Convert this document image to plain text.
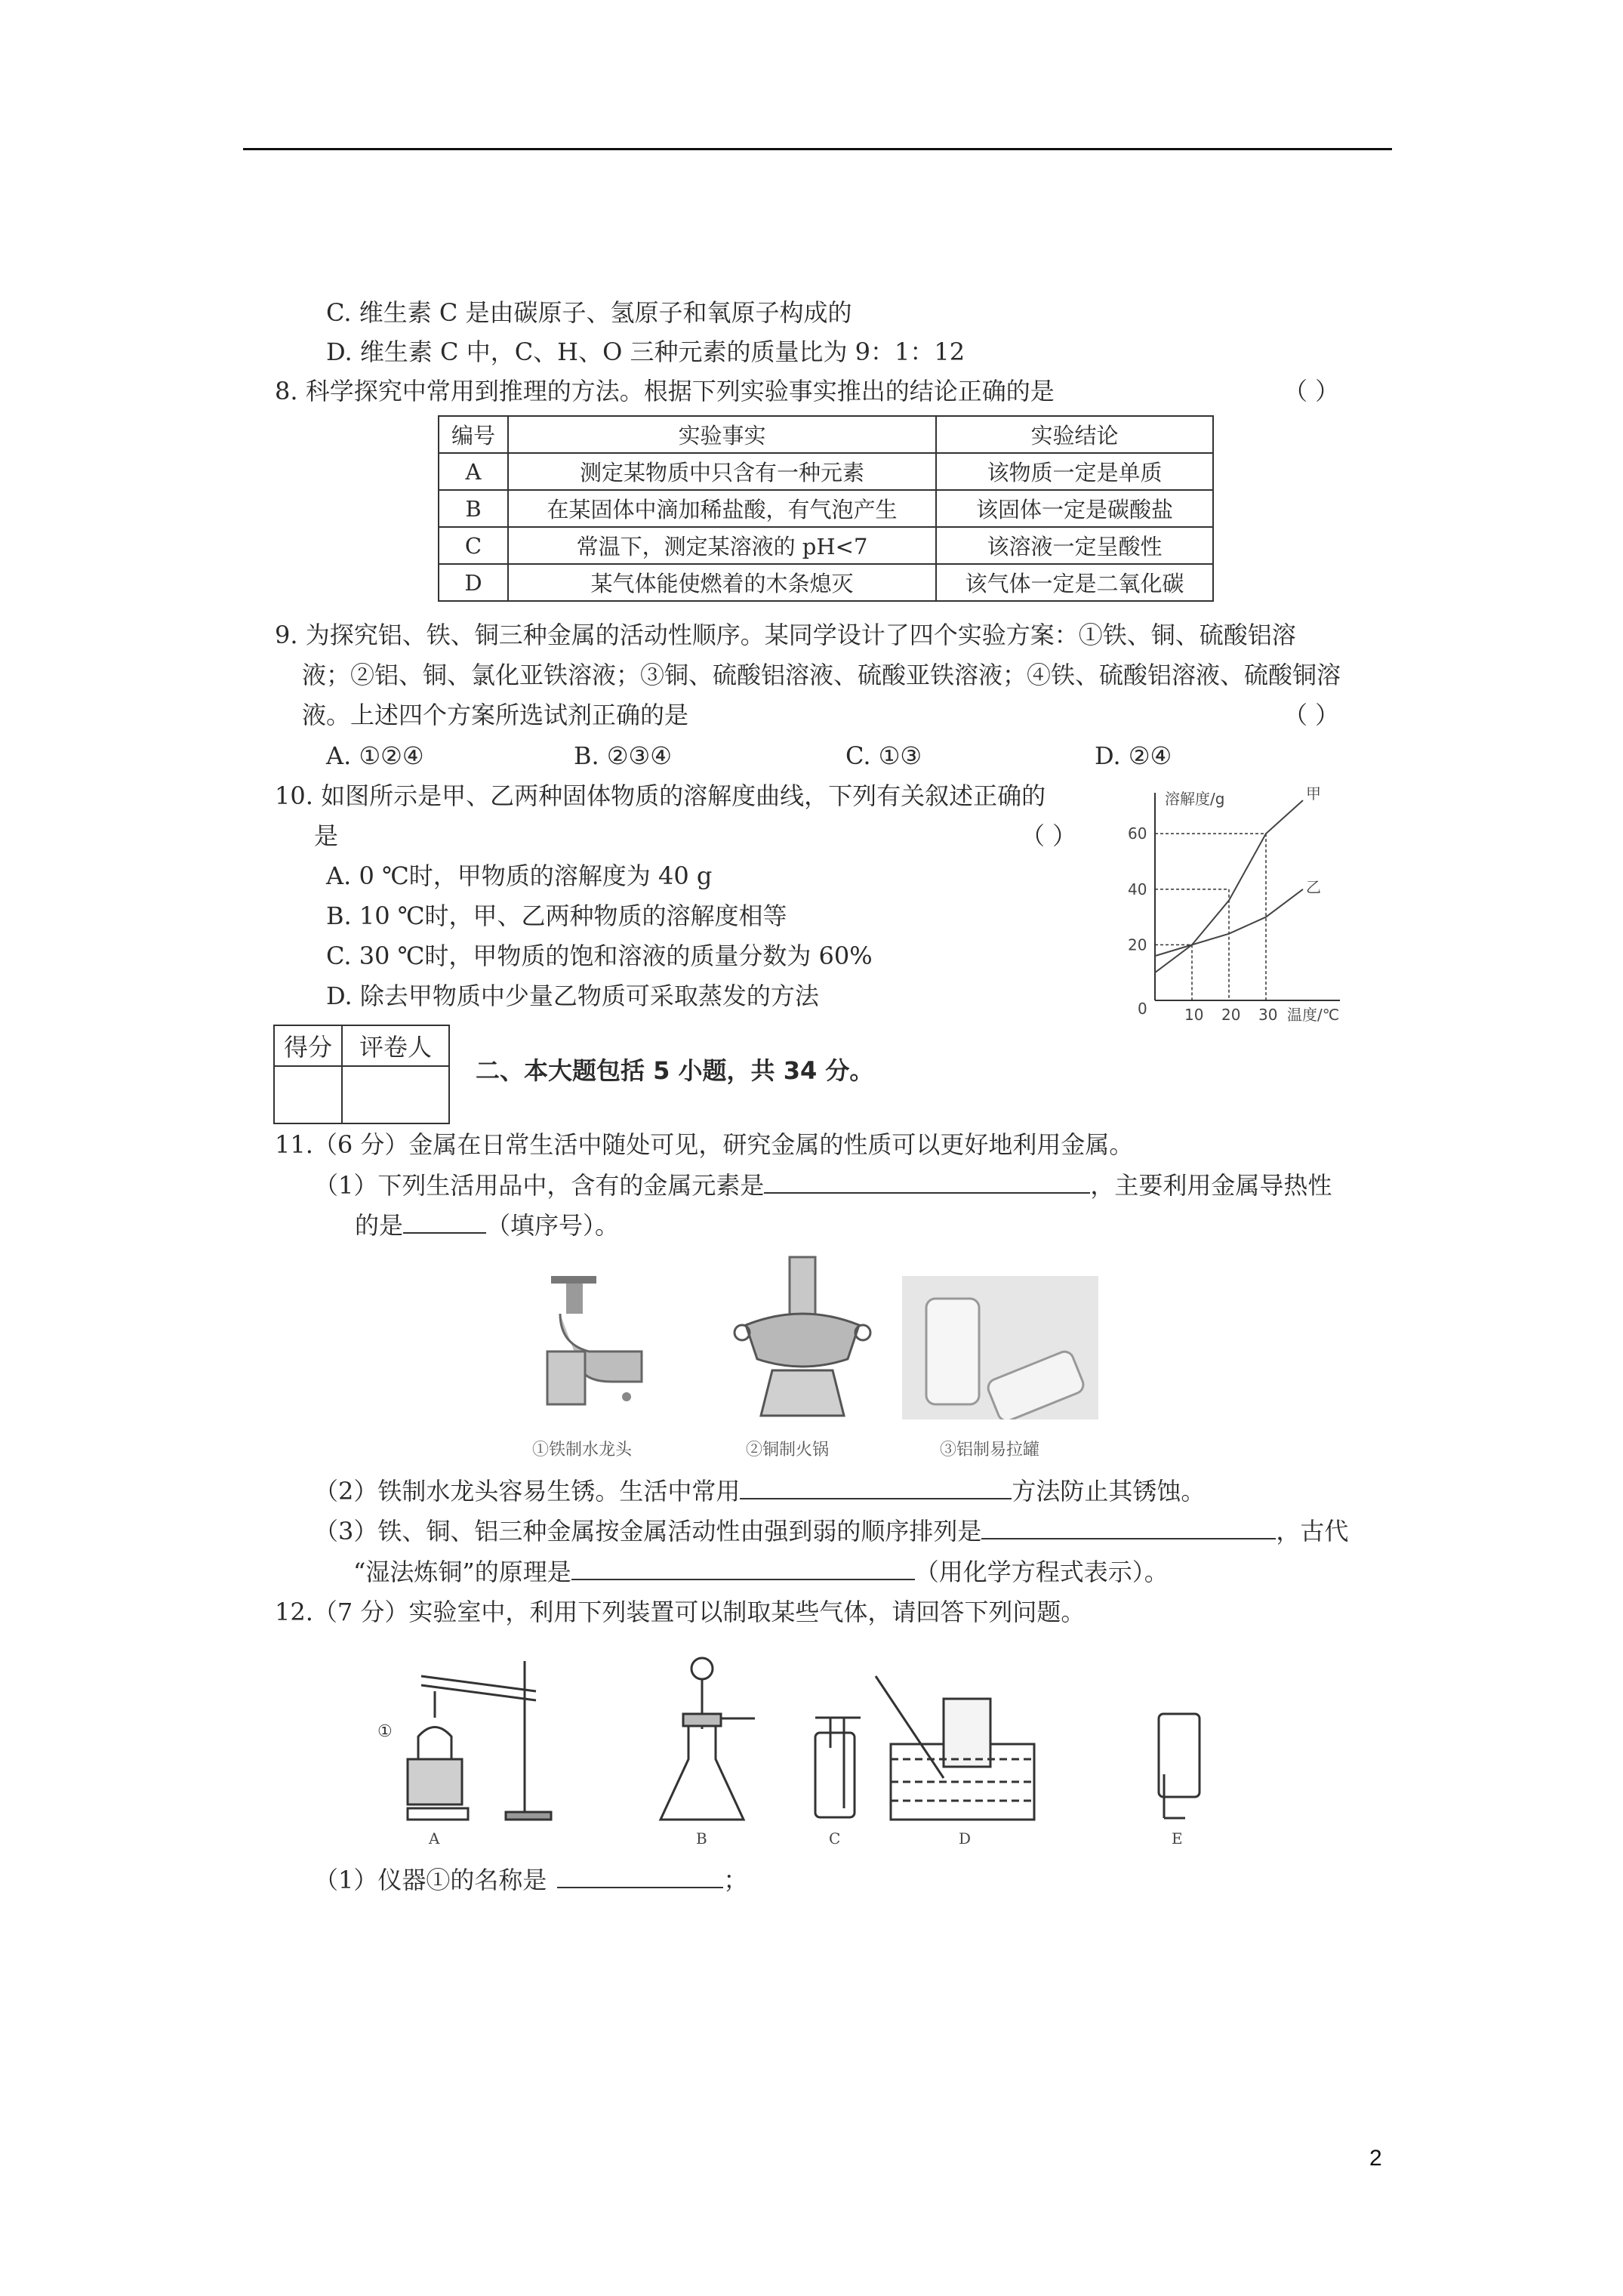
C. 维生素 C 是由碳原子、氢原子和氧原子构成的
D. 维生素 C 中，C、H、O 三种元素的质量比为 9：1：12
8. 科学探究中常用到推理的方法。根据下列实验事实推出的结论正确的是	（ ）
编号	实验事实	实验结论
A	测定某物质中只含有一种元素	该物质一定是单质
B	在某固体中滴加稀盐酸，有气泡产生	该固体一定是碳酸盐
C	常温下，测定某溶液的 pH<7	该溶液一定呈酸性
D	某气体能使燃着的木条熄灭	该气体一定是二氧化碳
9. 为探究铝、铁、铜三种金属的活动性顺序。某同学设计了四个实验方案：①铁、铜、硫酸铝溶
液；②铝、铜、氯化亚铁溶液；③铜、硫酸铝溶液、硫酸亚铁溶液；④铁、硫酸铝溶液、硫酸铜溶
液。上述四个方案所选试剂正确的是	（ ）
A. ①②④	B. ②③④	C. ①③	D. ②④
10. 如图所示是甲、乙两种固体物质的溶解度曲线，下列有关叙述正确的
是	（ ）
A. 0 ℃时，甲物质的溶解度为 40 g
B. 10 ℃时，甲、乙两种物质的溶解度相等
C. 30 ℃时，甲物质的饱和溶液的质量分数为 60%
D. 除去甲物质中少量乙物质可采取蒸发的方法
甲
乙
10 20 30
20
40
60
溶解度/g
温度/℃
0
得分	评卷人

二、本大题包括 5 小题，共 34 分。
11.（6 分）金属在日常生活中随处可见，研究金属的性质可以更好地利用金属。
（1）下列生活用品中，含有的金属元素是	，主要利用金属导热性
的是	（填序号）。
①铁制水龙头	②铜制火锅	③铝制易拉罐
（2）铁制水龙头容易生锈。生活中常用	方法防止其锈蚀。
（3）铁、铜、铝三种金属按金属活动性由强到弱的顺序排列是	，古代
“湿法炼铜”的原理是	（用化学方程式表示）。
12.（7 分）实验室中，利用下列装置可以制取某些气体，请回答下列问题。
①
A	B	C	D	E
（1）仪器①的名称是	；
2
